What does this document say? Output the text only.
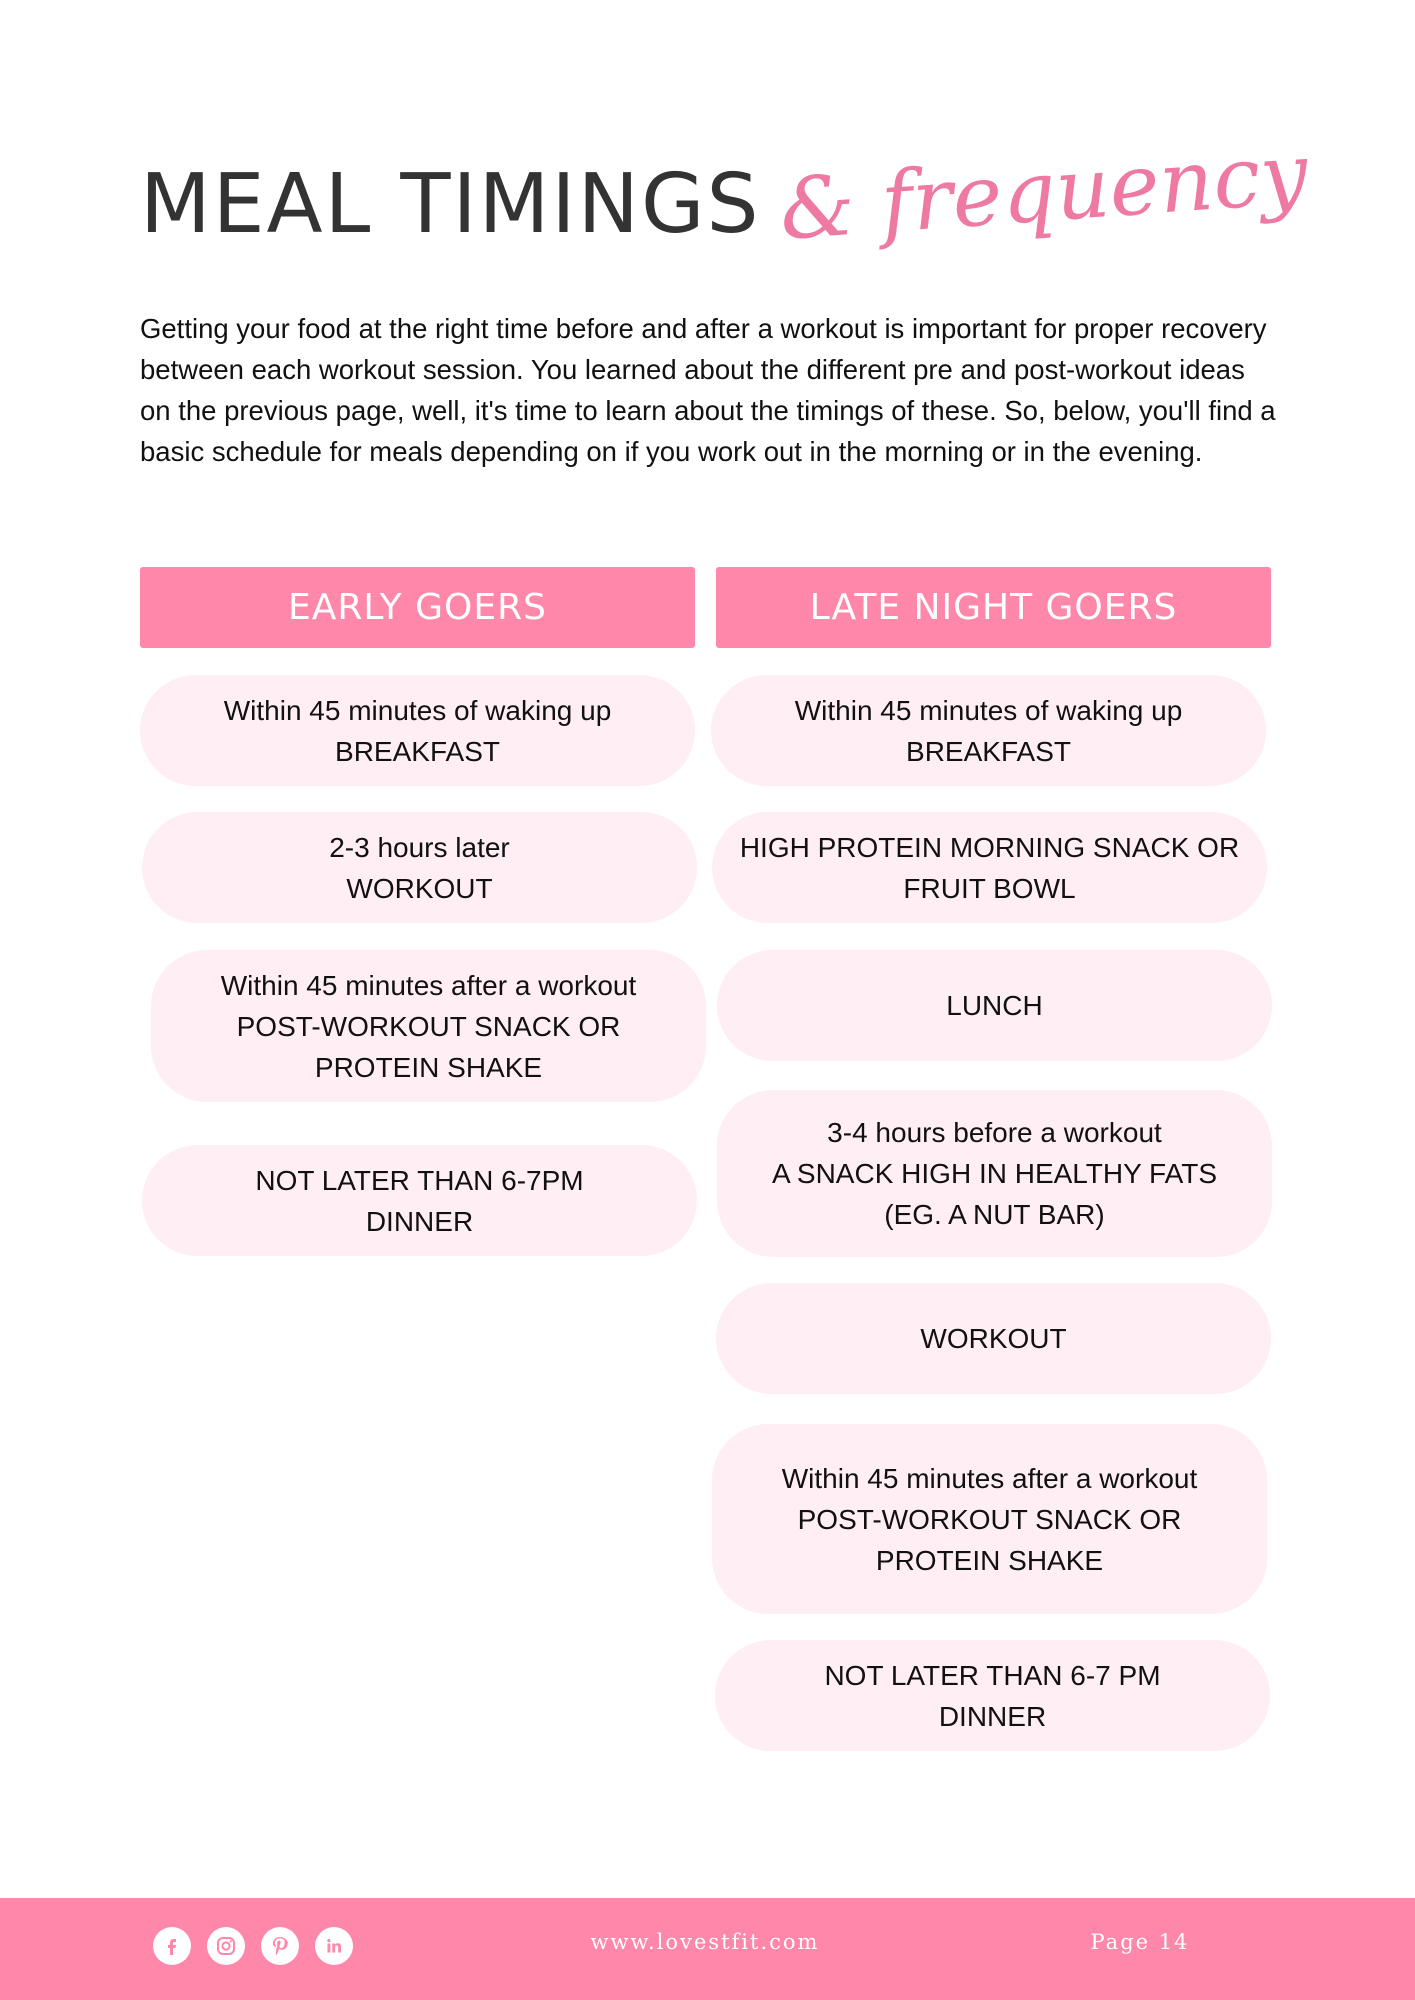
MEAL TIMINGS & frequency

Getting your food at the right time before and after a workout is important for proper recovery between each workout session. You learned about the different pre and post-workout ideas on the previous page, well, it's time to learn about the timings of these. So, below, you'll find a basic schedule for meals depending on if you work out in the morning or in the evening.

EARLY GOERS	LATE NIGHT GOERS
Within 45 minutes of waking up
BREAKFAST
2-3 hours later
WORKOUT
Within 45 minutes after a workout
POST-WORKOUT SNACK OR
PROTEIN SHAKE
NOT LATER THAN 6-7PM
DINNER
Within 45 minutes of waking up
BREAKFAST
HIGH PROTEIN MORNING SNACK OR
FRUIT BOWL
LUNCH
3-4 hours before a workout
A SNACK HIGH IN HEALTHY FATS
(EG. A NUT BAR)
WORKOUT
Within 45 minutes after a workout
POST-WORKOUT SNACK OR
PROTEIN SHAKE
NOT LATER THAN 6-7 PM
DINNER
www.lovestfit.com	Page 14
